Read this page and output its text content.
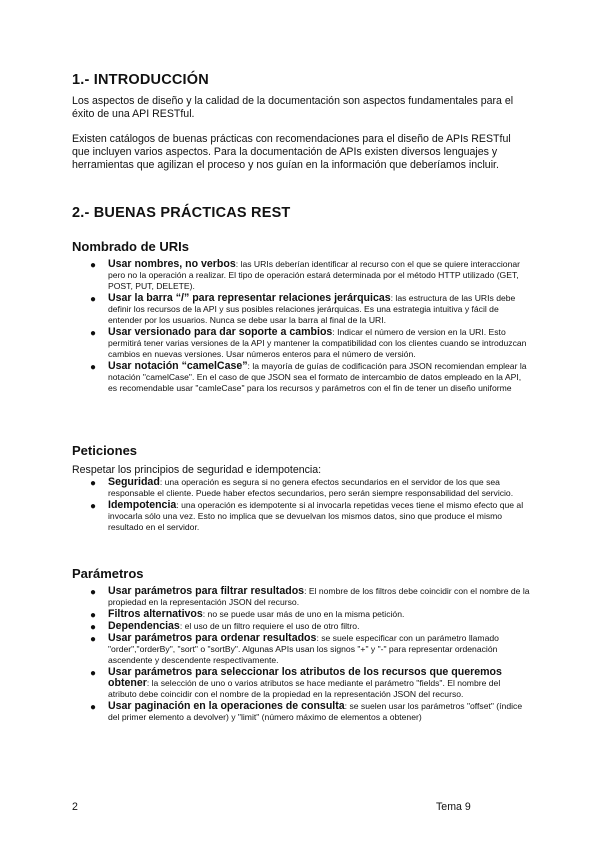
1.- INTRODUCCIÓN

Los aspectos de diseño y la calidad de la documentación son aspectos fundamentales para el éxito de una API RESTful.

Existen catálogos de buenas prácticas con recomendaciones para el diseño de APIs RESTful que incluyen varios aspectos. Para la documentación de APIs existen diversos lenguajes y herramientas que agilizan el proceso y nos guían en la información que deberíamos incluir.

2.- BUENAS PRÁCTICAS REST
Nombrado de URIs
● Usar nombres, no verbos: las URIs deberían identificar al recurso con el que se quiere interaccionar pero no la operación a realizar. El tipo de operación estará determinada por el método HTTP utilizado (GET, POST, PUT, DELETE).
● Usar la barra “/” para representar relaciones jerárquicas: las estructura de las URIs debe definir los recursos de la API y sus posibles relaciones jerárquicas. Es una estrategia intuitiva y fácil de entender por los usuarios. Nunca se debe usar la barra al final de la URI.
● Usar versionado para dar soporte a cambios: Indicar el número de version en la URI. Esto permitirá tener varias versiones de la API y mantener la compatibilidad con los clientes cuando se introduzcan cambios en nuevas versiones. Usar números enteros para el número de versión.
● Usar notación “camelCase”: la mayoría de guías de codificación para JSON recomiendan emplear la notación "camelCase". En el caso de que JSON sea el formato de intercambio de datos empleado en la API, es recomendable usar "camleCase" para los recursos y parámetros con el fin de tener un diseño uniforme
Peticiones

Respetar los principios de seguridad e idempotencia:

● Seguridad: una operación es segura si no genera efectos secundarios en el servidor de los que sea responsable el cliente. Puede haber efectos secundarios, pero serán siempre responsabilidad del servicio.
● Idempotencia: una operación es idempotente si al invocarla repetidas veces tiene el mismo efecto que al invocarla sólo una vez. Esto no implica que se devuelvan los mismos datos, sino que produce el mismo resultado en el servidor.
Parámetros
● Usar parámetros para filtrar resultados: El nombre de los filtros debe coincidir con el nombre de la propiedad en la representación JSON del recurso.
● Filtros alternativos: no se puede usar más de uno en la misma petición.
● Dependencias: el uso de un filtro requiere el uso de otro filtro.
● Usar parámetros para ordenar resultados: se suele especificar con un parámetro llamado "order","orderBy", "sort" o "sortBy". Algunas APIs usan los signos "+" y "-" para representar ordenación ascendente y descendente respectivamente.
● Usar parámetros para seleccionar los atributos de los recursos que queremos obtener: la selección de uno o varios atributos se hace mediante el parámetro "fields". El nombre del atributo debe coincidir con el nombre de la propiedad en la representación JSON del recurso.
● Usar paginación en la operaciones de consulta: se suelen usar los parámetros "offset" (índice del primer elemento a devolver) y "limit" (número máximo de elementos a obtener)
2	Tema 9
